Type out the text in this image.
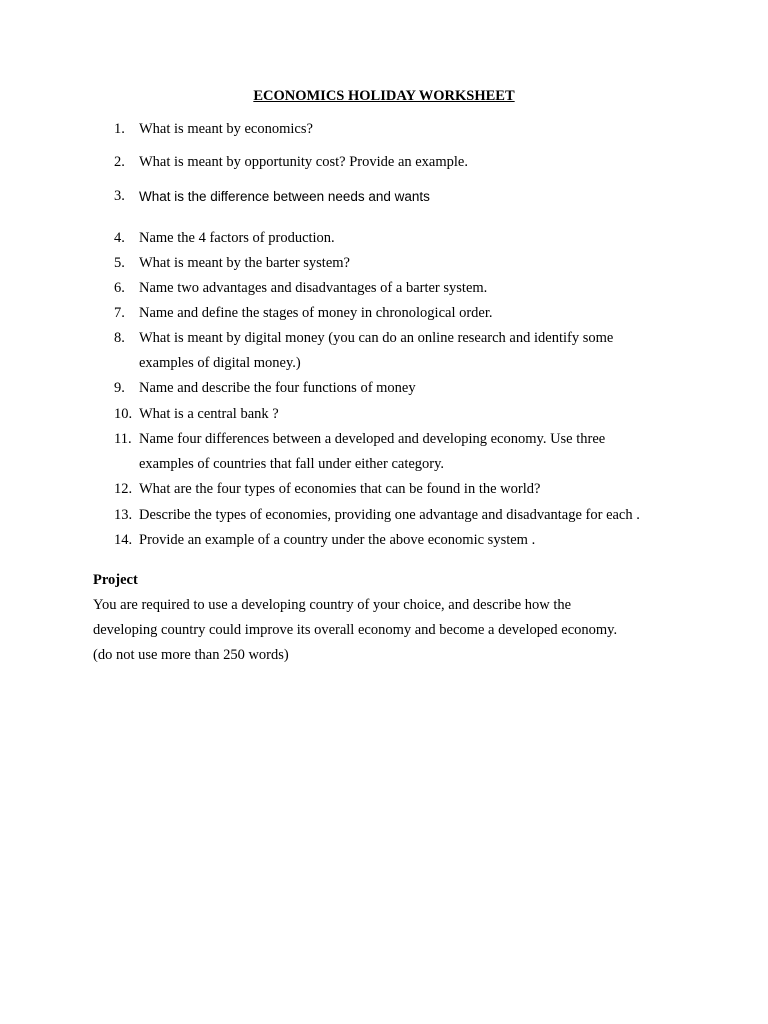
ECONOMICS HOLIDAY WORKSHEET
1. What is meant by economics?
2. What is meant by opportunity cost? Provide an example.
3. What is the difference between needs and wants
4. Name the 4 factors of production.
5. What is meant by the barter system?
6. Name two advantages and disadvantages of a barter system.
7. Name and define the stages of money in chronological order.
8. What is meant by digital money (you can do an online research and identify some
examples of digital money.)
9. Name and describe the four functions of money
10. What is a central bank ?
11. Name four differences between a developed and developing economy. Use three
examples of countries that fall under either category.
12. What are the four types of economies that can be found in the world?
13. Describe the types of economies, providing one advantage and disadvantage for each .
14. Provide an example of a country under the above economic system .
Project
You are required to use a developing country of your choice, and describe how the
developing country could improve its overall economy and become a developed economy.
(do not use more than 250 words)
